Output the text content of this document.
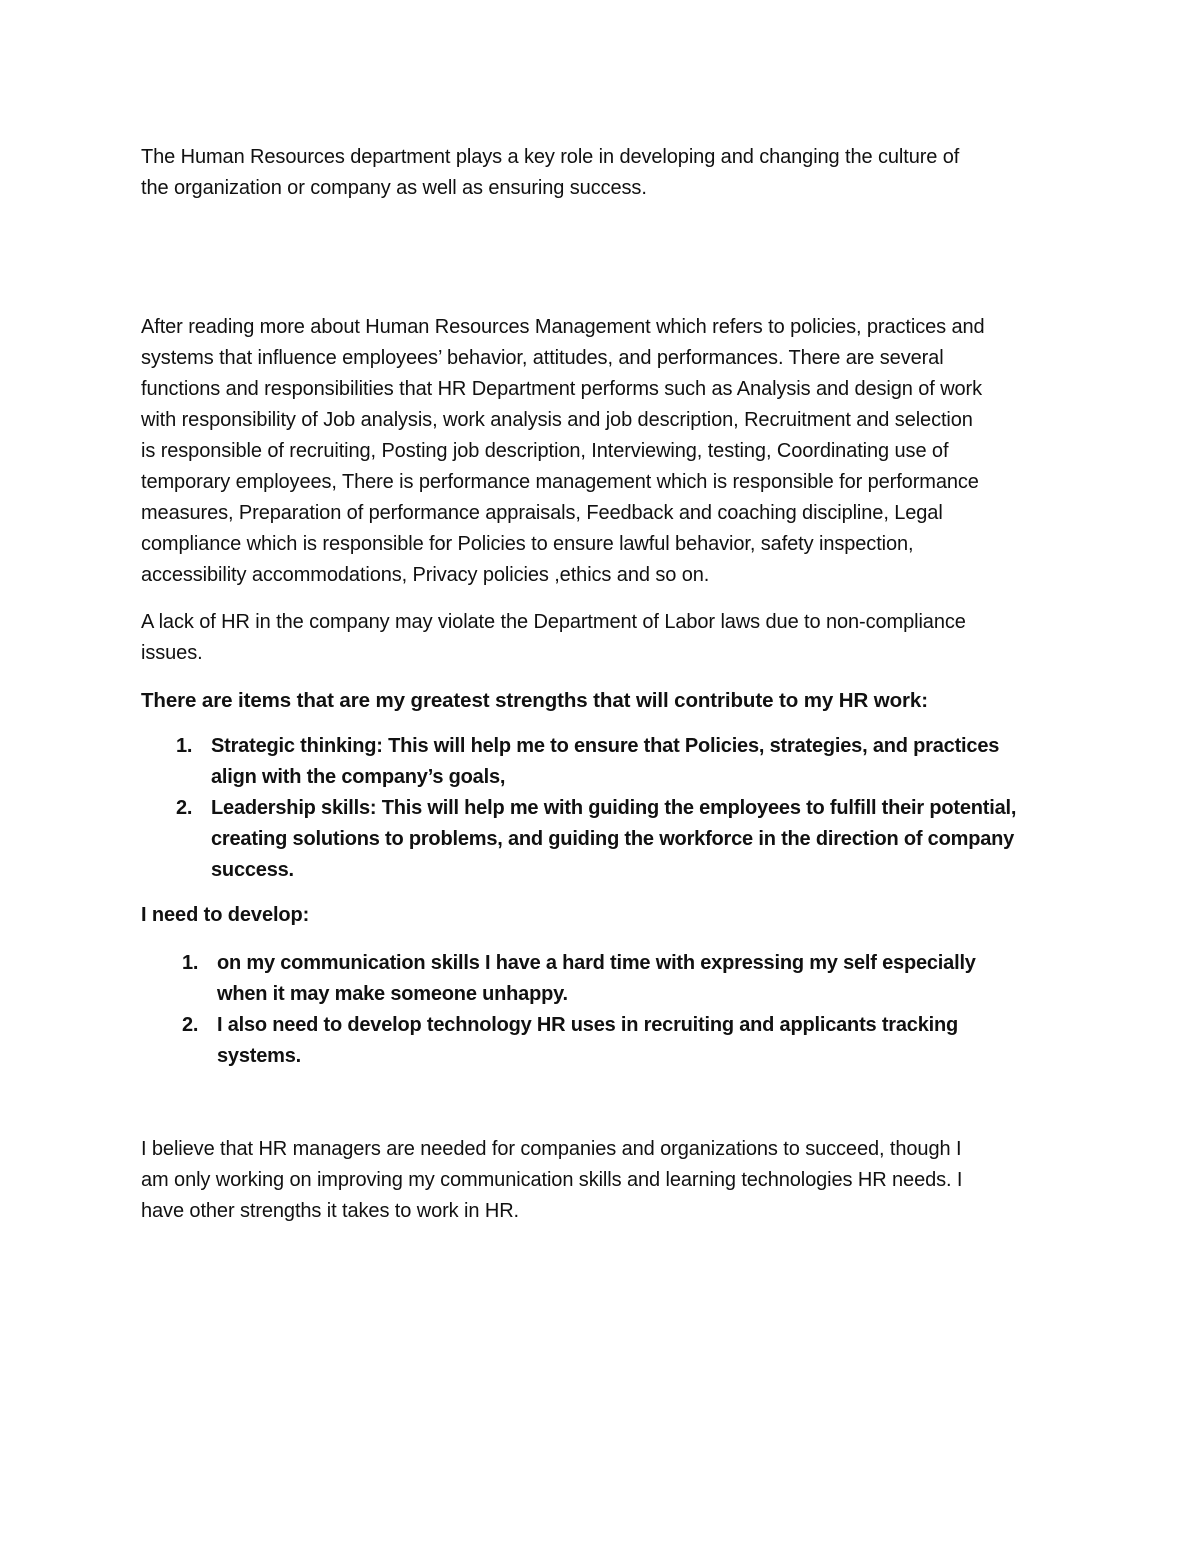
The Human Resources department plays a key role in developing and changing the culture of
the organization or company as well as ensuring success.

After reading more about Human Resources Management which refers to policies, practices and
systems that influence employees’ behavior, attitudes, and performances. There are several
functions and responsibilities that HR Department performs such as Analysis and design of work
with responsibility of Job analysis, work analysis and job description, Recruitment and selection
is responsible of recruiting, Posting job description, Interviewing, testing, Coordinating use of
temporary employees, There is performance management which is responsible for performance
measures, Preparation of performance appraisals, Feedback and coaching discipline, Legal
compliance which is responsible for Policies to ensure lawful behavior, safety inspection,
accessibility accommodations, Privacy policies ,ethics and so on.

A lack of HR in the company may violate the Department of Labor laws due to non-compliance
issues.

There are items that are my greatest strengths that will contribute to my HR work:

1. Strategic thinking: This will help me to ensure that Policies, strategies, and practices
align with the company’s goals,
2. Leadership skills: This will help me with guiding the employees to fulfill their potential,
creating solutions to problems, and guiding the workforce in the direction of company
success.

I need to develop:

1. on my communication skills I have a hard time with expressing my self especially
when it may make someone unhappy.
2. I also need to develop technology HR uses in recruiting and applicants tracking
systems.

I believe that HR managers are needed for companies and organizations to succeed, though I
am only working on improving my communication skills and learning technologies HR needs. I
have other strengths it takes to work in HR.
